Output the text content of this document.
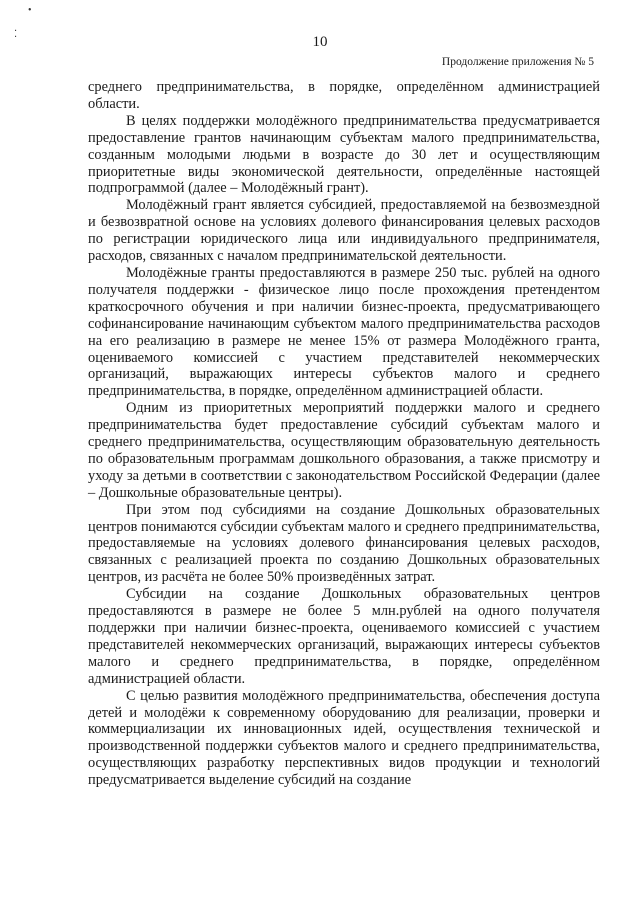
•
⁚	10
Продолжение приложения № 5

среднего предпринимательства, в порядке, определённом администрацией области.

В целях поддержки молодёжного предпринимательства предусматривается предоставление грантов начинающим субъектам малого предпринимательства, созданным молодыми людьми в возрасте до 30 лет и осуществляющим приоритетные виды экономической деятельности, определённые настоящей подпрограммой (далее – Молодёжный грант).

Молодёжный грант является субсидией, предоставляемой на безвозмездной и безвозвратной основе на условиях долевого финансирования целевых расходов по регистрации юридического лица или индивидуального предпринимателя, расходов, связанных с началом предпринимательской деятельности.

Молодёжные гранты предоставляются в размере 250 тыс. рублей на одного получателя поддержки - физическое лицо после прохождения претендентом краткосрочного обучения и при наличии бизнес-проекта, предусматривающего софинансирование начинающим субъектом малого предпринимательства расходов на его реализацию в размере не менее 15% от размера Молодёжного гранта, оцениваемого комиссией с участием представителей некоммерческих организаций, выражающих интересы субъектов малого и среднего предпринимательства, в порядке, определённом администрацией области.

Одним из приоритетных мероприятий поддержки малого и среднего предпринимательства будет предоставление субсидий субъектам малого и среднего предпринимательства, осуществляющим образовательную деятельность по образовательным программам дошкольного образования, а также присмотру и уходу за детьми в соответствии с законодательством Российской Федерации (далее – Дошкольные образовательные центры).

При этом под субсидиями на создание Дошкольных образовательных центров понимаются субсидии субъектам малого и среднего предпринимательства, предоставляемые на условиях долевого финансирования целевых расходов, связанных с реализацией проекта по созданию Дошкольных образовательных центров, из расчёта не более 50% произведённых затрат.

Субсидии на создание Дошкольных образовательных центров предоставляются в размере не более 5 млн.рублей на одного получателя поддержки при наличии бизнес-проекта, оцениваемого комиссией с участием представителей некоммерческих организаций, выражающих интересы субъектов малого и среднего предпринимательства, в порядке, определённом администрацией области.

С целью развития молодёжного предпринимательства, обеспечения доступа детей и молодёжи к современному оборудованию для реализации, проверки и коммерциализации их инновационных идей, осуществления технической и производственной поддержки субъектов малого и среднего предпринимательства, осуществляющих разработку перспективных видов продукции и технологий предусматривается выделение субсидий на создание
